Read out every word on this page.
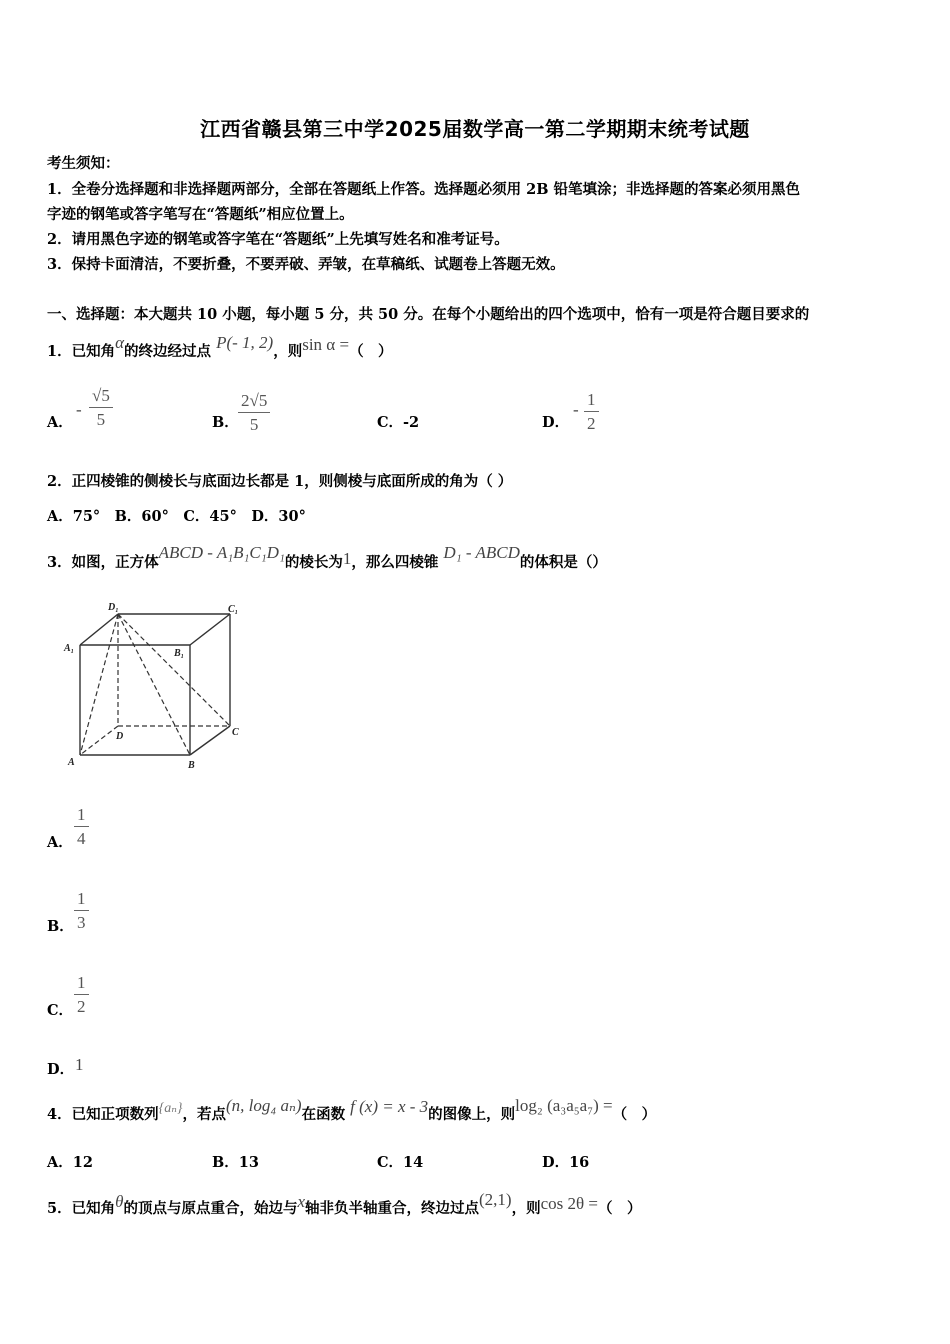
江西省赣县第三中学2025届数学高一第二学期期末统考试题
考生须知：
1．全卷分选择题和非选择题两部分，全部在答题纸上作答。选择题必须用 2B 铅笔填涂；非选择题的答案必须用黑色
字迹的钢笔或答字笔写在“答题纸”相应位置上。
2．请用黑色字迹的钢笔或答字笔在“答题纸”上先填写姓名和准考证号。
3．保持卡面清洁，不要折叠，不要弄破、弄皱，在草稿纸、试题卷上答题无效。
一、选择题：本大题共 10 小题，每小题 5 分，共 50 分。在每个小题给出的四个选项中，恰有一项是符合题目要求的
1．已知角α的终边经过点 P(- 1, 2)，则sin α =（　）
A．
- $\frac{√5}{5}$	B． $\frac{2√5}{5}$	C．-2	D．
- $\frac{1}{2}$
2．正四棱锥的侧棱长与底面边长都是 1，则侧棱与底面所成的角为（ ）
A．75°　B．60°　C．45°　D．30°
3．如图，正方体ABCD - A₁B₁C₁D₁的棱长为1，那么四棱锥 D₁ - ABCD的体积是（）
D₁	C₁
A₁	B₁
D	C
A	B
A． $\frac{1}{4}$
B． $\frac{1}{3}$
C． $\frac{1}{2}$
D． 1
4．已知正项数列{aₙ}，若点(n, log₄ aₙ)在函数 f (x) = x - 3的图像上，则log₂ (a₃a₅a₇) =（　）
A．12	B．13	C．14	D．16
5．已知角θ的顶点与原点重合，始边与x轴非负半轴重合，终边过点(2,1)，则cos 2θ =（　）
